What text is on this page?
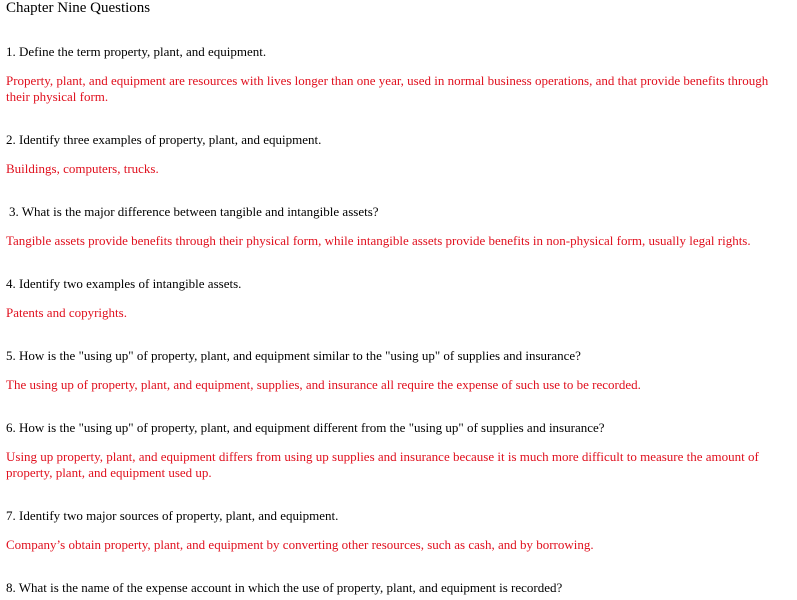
Chapter Nine Questions

1. Define the term property, plant, and equipment.

Property, plant, and equipment are resources with lives longer than one year, used in normal business operations, and that provide benefits through their physical form.

2. Identify three examples of property, plant, and equipment.

Buildings, computers, trucks.

3. What is the major difference between tangible and intangible assets?

Tangible assets provide benefits through their physical form, while intangible assets provide benefits in non-physical form, usually legal rights.

4. Identify two examples of intangible assets.

Patents and copyrights.

5. How is the "using up" of property, plant, and equipment similar to the "using up" of supplies and insurance?

The using up of property, plant, and equipment, supplies, and insurance all require the expense of such use to be recorded.

6. How is the "using up" of property, plant, and equipment different from the "using up" of supplies and insurance?

Using up property, plant, and equipment differs from using up supplies and insurance because it is much more difficult to measure the amount of property, plant, and equipment used up.

7. Identify two major sources of property, plant, and equipment.

Company’s obtain property, plant, and equipment by converting other resources, such as cash, and by borrowing.

8. What is the name of the expense account in which the use of property, plant, and equipment is recorded?
